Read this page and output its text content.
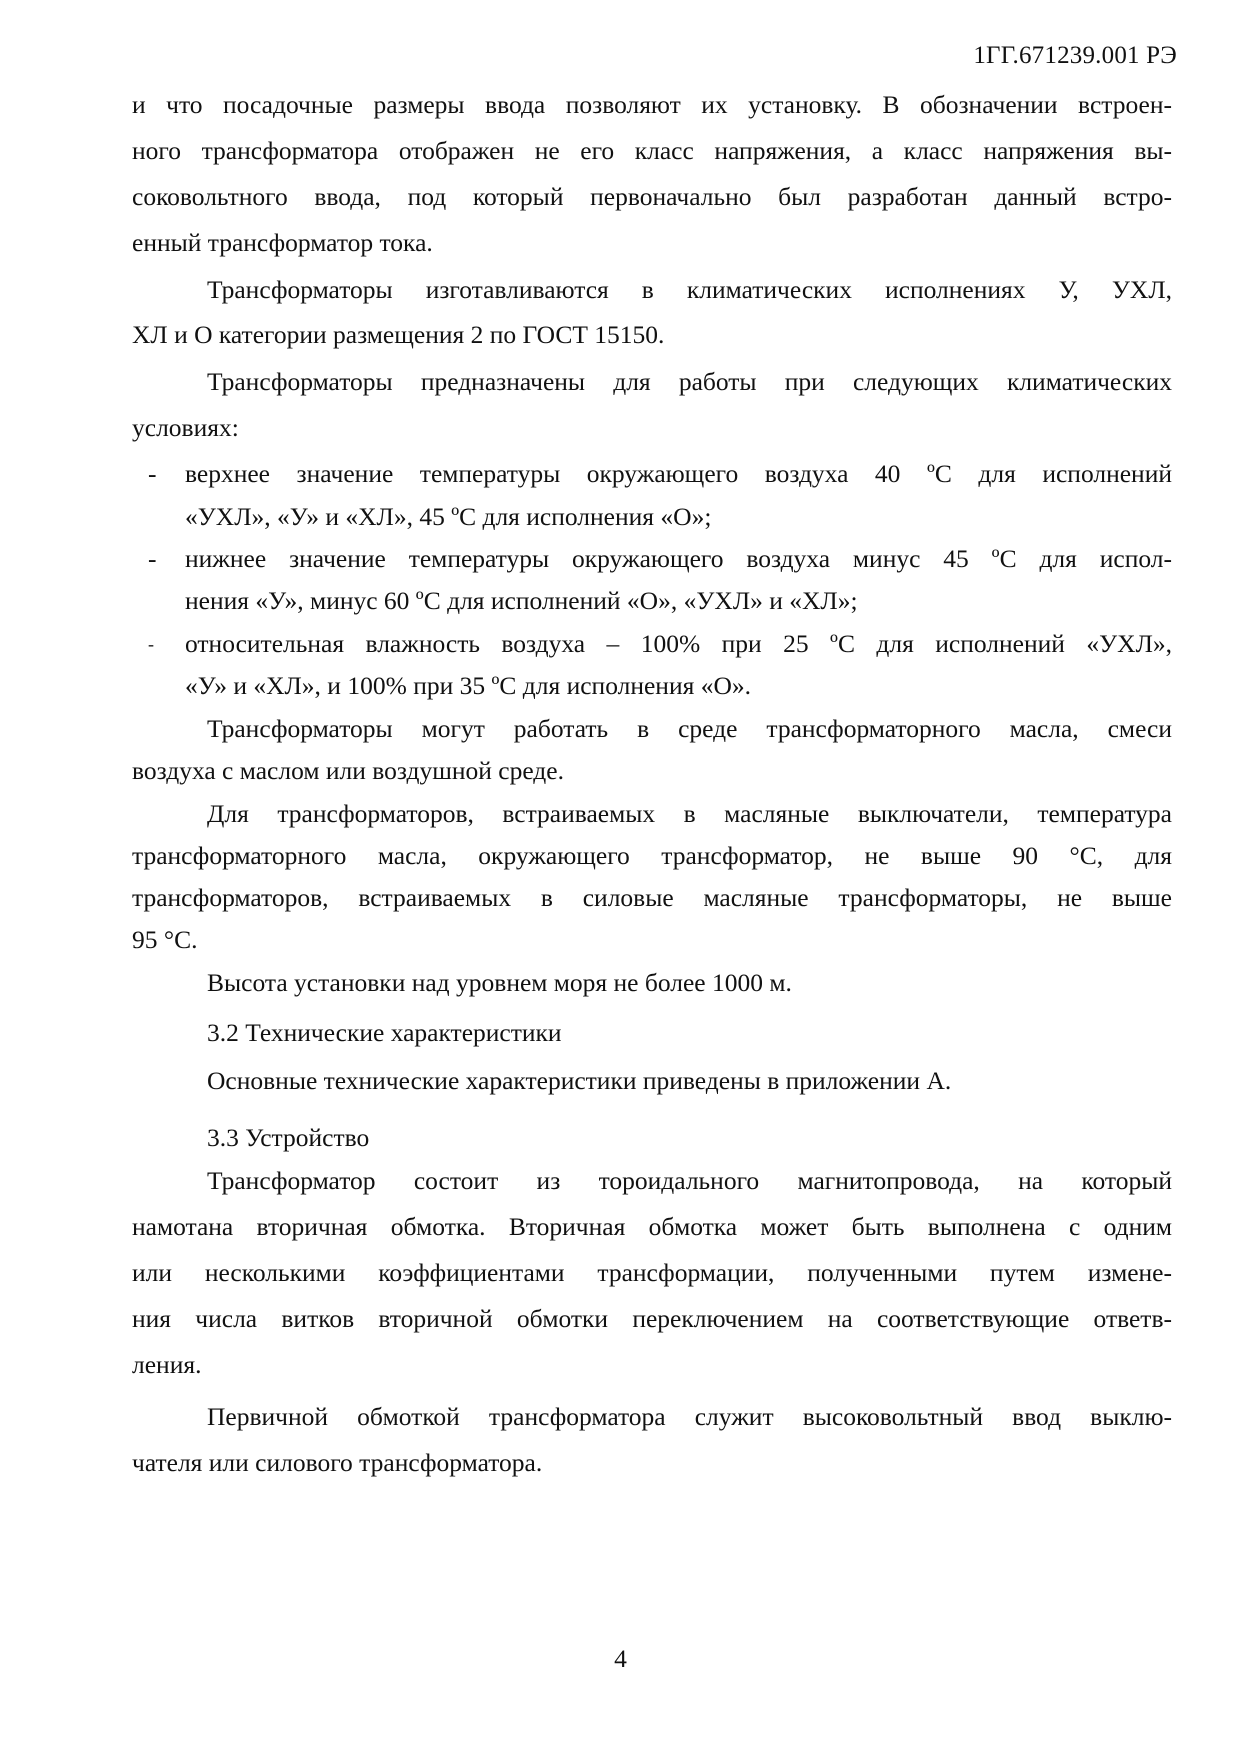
1ГГ.671239.001 РЭ
и что посадочные размеры ввода позволяют их установку. В обозначении встроен-
ного трансформатора отображен не его класс напряжения, а класс напряжения вы-
соковольтного ввода, под который первоначально был разработан данный встро-
енный трансформатор тока.
Трансформаторы изготавливаются в климатических исполнениях У, УХЛ,
ХЛ и О категории размещения 2 по ГОСТ 15150.
Трансформаторы предназначены для работы при следующих климатических
условиях:
- верхнее значение температуры окружающего воздуха 40 ºС для исполнений
«УХЛ», «У» и «ХЛ», 45 ºС для исполнения «О»;
- нижнее значение температуры окружающего воздуха минус 45 ºС для испол-
нения «У», минус 60 ºС для исполнений «О», «УХЛ» и «ХЛ»;
- относительная влажность воздуха – 100% при 25 ºС для исполнений «УХЛ»,
«У» и «ХЛ», и 100% при 35 ºС для исполнения «О».
Трансформаторы могут работать в среде трансформаторного масла, смеси
воздуха с маслом или воздушной среде.
Для трансформаторов, встраиваемых в масляные выключатели, температура
трансформаторного масла, окружающего трансформатор, не выше 90 °С, для
трансформаторов, встраиваемых в силовые масляные трансформаторы, не выше
95 °С.
Высота установки над уровнем моря не более 1000 м.
3.2 Технические характеристики
Основные технические характеристики приведены в приложении А.
3.3 Устройство
Трансформатор состоит из тороидального магнитопровода, на который
намотана вторичная обмотка. Вторичная обмотка может быть выполнена с одним
или несколькими коэффициентами трансформации, полученными путем измене-
ния числа витков вторичной обмотки переключением на соответствующие ответв-
ления.
Первичной обмоткой трансформатора служит высоковольтный ввод выклю-
чателя или силового трансформатора.
4
